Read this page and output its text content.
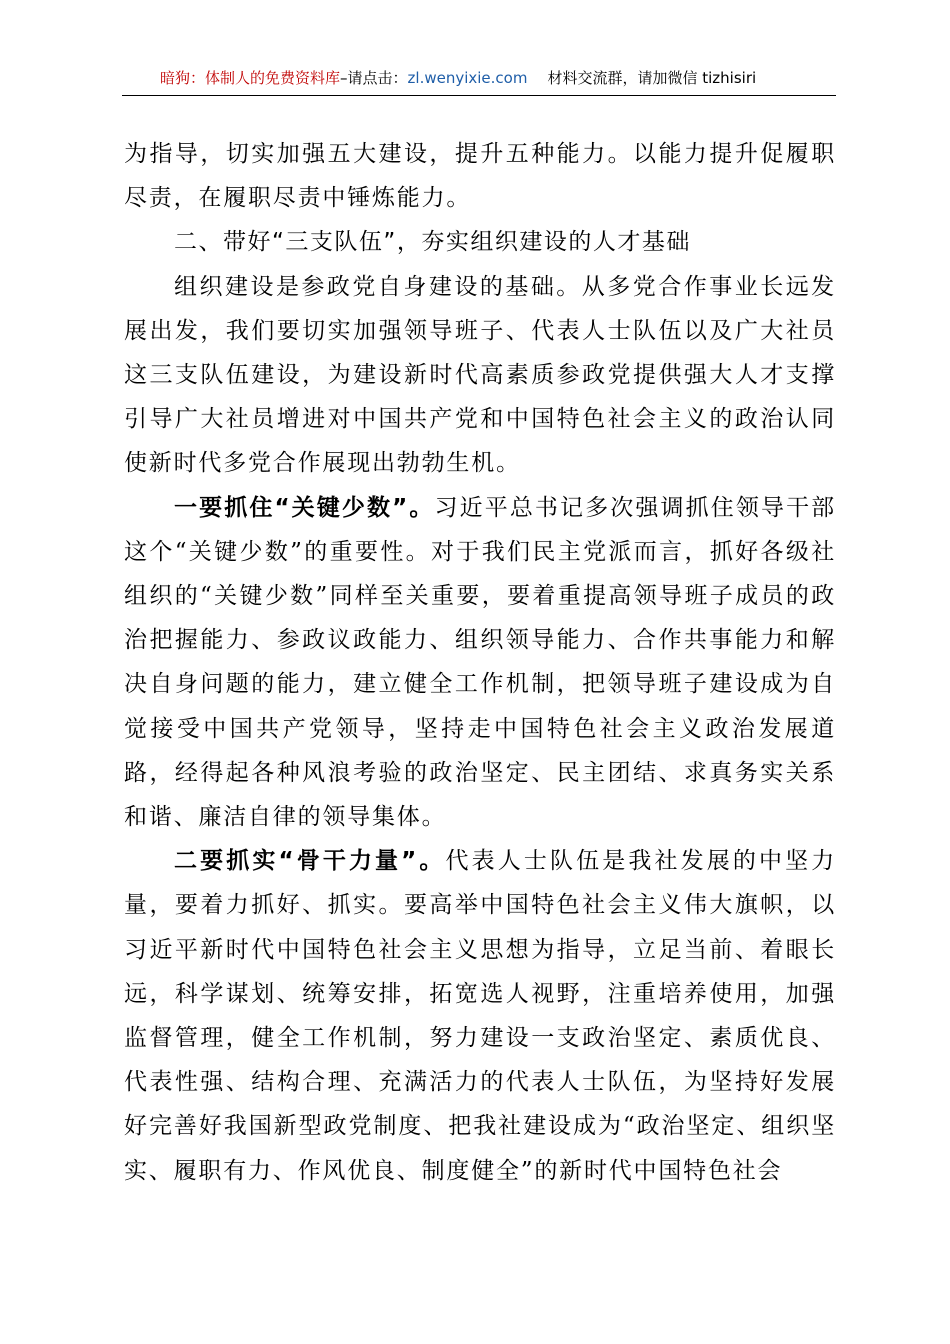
暗狗：体制人的免费资料库–请点击：zl.wenyixie.com 材料交流群，请加微信 tizhisiri

为指导，切实加强五大建设，提升五种能力。以能力提升促履职尽责，在履职尽责中锤炼能力。

二、带好“三支队伍”，夯实组织建设的人才基础

组织建设是参政党自身建设的基础。从多党合作事业长远发展出发，我们要切实加强领导班子、代表人士队伍以及广大社员这三支队伍建设，为建设新时代高素质参政党提供强大人才支撑引导广大社员增进对中国共产党和中国特色社会主义的政治认同使新时代多党合作展现出勃勃生机。

一要抓住“关键少数”。习近平总书记多次强调抓住领导干部这个“关键少数”的重要性。对于我们民主党派而言，抓好各级社组织的“关键少数”同样至关重要，要着重提高领导班子成员的政治把握能力、参政议政能力、组织领导能力、合作共事能力和解决自身问题的能力，建立健全工作机制，把领导班子建设成为自觉接受中国共产党领导，坚持走中国特色社会主义政治发展道路，经得起各种风浪考验的政治坚定、民主团结、求真务实关系和谐、廉洁自律的领导集体。

二要抓实“骨干力量”。代表人士队伍是我社发展的中坚力量，要着力抓好、抓实。要高举中国特色社会主义伟大旗帜，以习近平新时代中国特色社会主义思想为指导，立足当前、着眼长远，科学谋划、统筹安排，拓宽选人视野，注重培养使用，加强监督管理，健全工作机制，努力建设一支政治坚定、素质优良、代表性强、结构合理、充满活力的代表人士队伍，为坚持好发展好完善好我国新型政党制度、把我社建设成为“政治坚定、组织坚实、履职有力、作风优良、制度健全”的新时代中国特色社会
